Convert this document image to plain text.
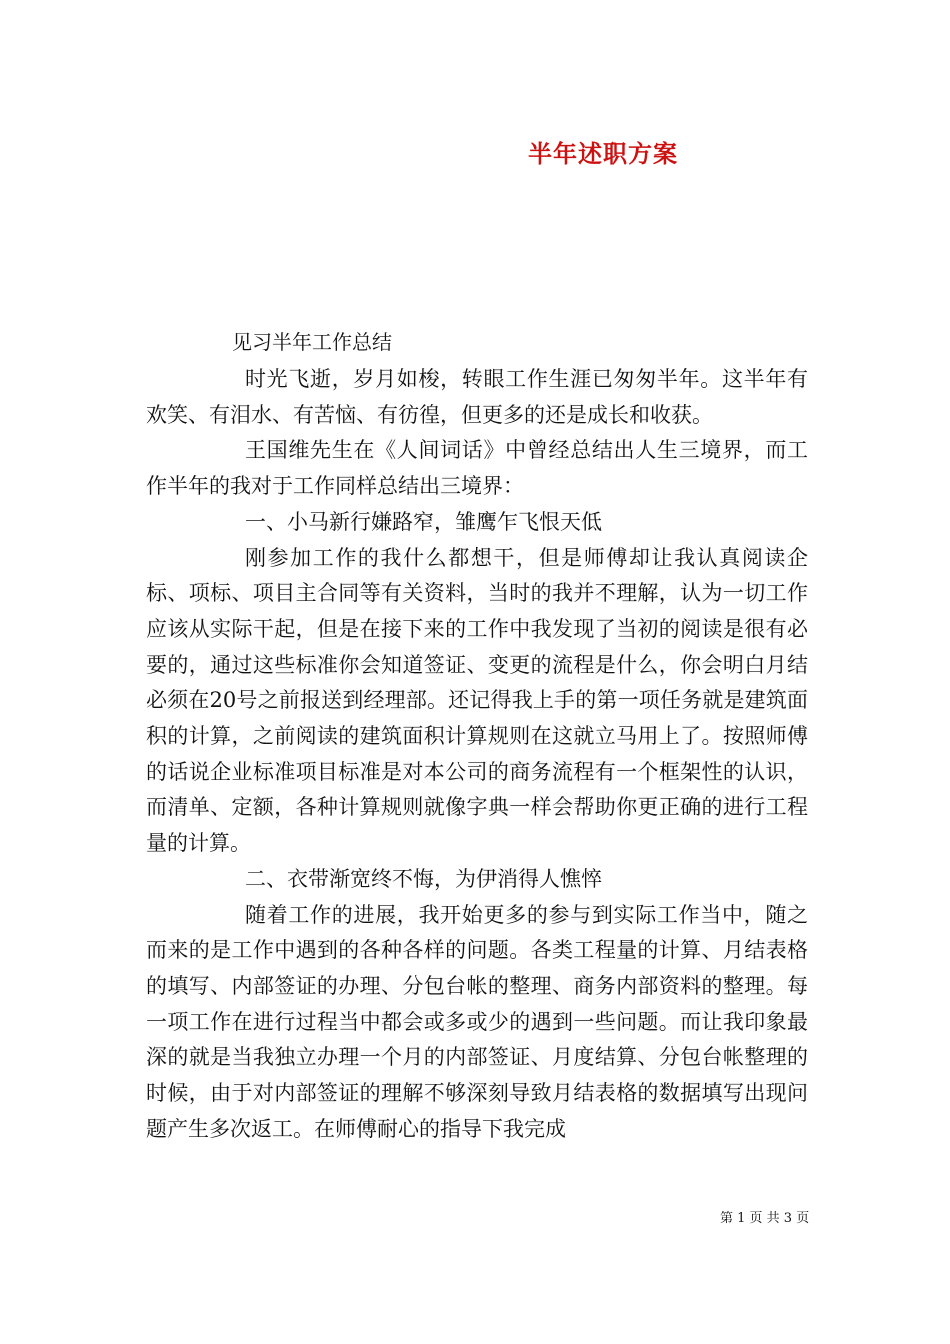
半年述职方案
见习半年工作总结

时光飞逝，岁月如梭，转眼工作生涯已匆匆半年。这半年有欢笑、有泪水、有苦恼、有彷徨，但更多的还是成长和收获。

王国维先生在《人间词话》中曾经总结出人生三境界，而工作半年的我对于工作同样总结出三境界：

一、小马新行嫌路窄，雏鹰乍飞恨天低

刚参加工作的我什么都想干，但是师傅却让我认真阅读企标、项标、项目主合同等有关资料，当时的我并不理解，认为一切工作应该从实际干起，但是在接下来的工作中我发现了当初的阅读是很有必要的，通过这些标准你会知道签证、变更的流程是什么，你会明白月结必须在20号之前报送到经理部。还记得我上手的第一项任务就是建筑面积的计算，之前阅读的建筑面积计算规则在这就立马用上了。按照师傅的话说企业标准项目标准是对本公司的商务流程有一个框架性的认识，而清单、定额，各种计算规则就像字典一样会帮助你更正确的进行工程量的计算。

二、衣带渐宽终不悔，为伊消得人憔悴

随着工作的进展，我开始更多的参与到实际工作当中，随之而来的是工作中遇到的各种各样的问题。各类工程量的计算、月结表格的填写、内部签证的办理、分包台帐的整理、商务内部资料的整理。每一项工作在进行过程当中都会或多或少的遇到一些问题。而让我印象最深的就是当我独立办理一个月的内部签证、月度结算、分包台帐整理的时候，由于对内部签证的理解不够深刻导致月结表格的数据填写出现问题产生多次返工。在师傅耐心的指导下我完成

第 1 页 共 3 页
